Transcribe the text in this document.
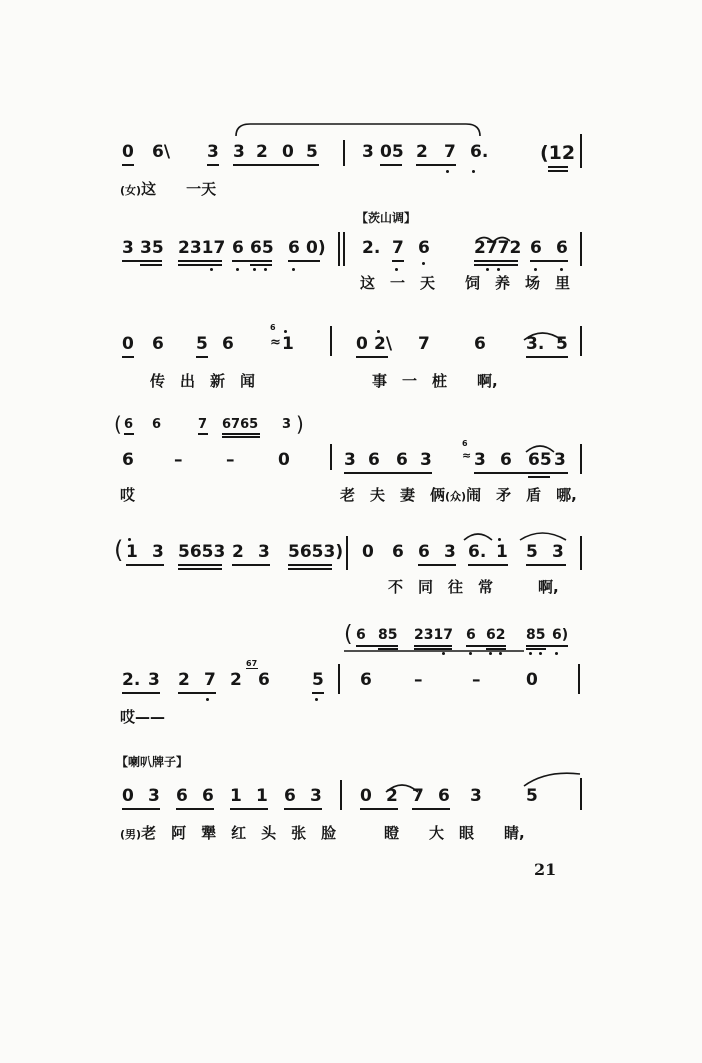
0 6\ 3 3 2 0 5	3 05 2 7 6.	(12
(女)这　　一天
【茨山调】
3 35 2317 6 65 6 0) 2. 7 6	2772 6 6
这　一　天　　饲　养　场　里
0 6 5 6
6
≈ 1	0 2\ 7	6 3. 5
传　出　新　闻	事　一　桩　　啊,
( 6 6	7 6765 3 )
6 –	–	0	3 6 6 3
6
≈ 3 6 65 3
哎	老　夫　妻　俩(众)闹　矛　盾　哪,
( 1 3 5653 2 3 5653) 0 6 6 3 6. 1 5 3
不　同　往　常　　　啊,
( 6 85 2317 6 62 85 6)
2. 3 2 7
67
2 6 5 6 –	–	0
哎——
【喇叭牌子】
0 3 6 6 1 1 6 3 0 2 7 6 3	5
(男)老　阿　犟　红　头　张　脸	瞪　　大　眼　　睛,
21
